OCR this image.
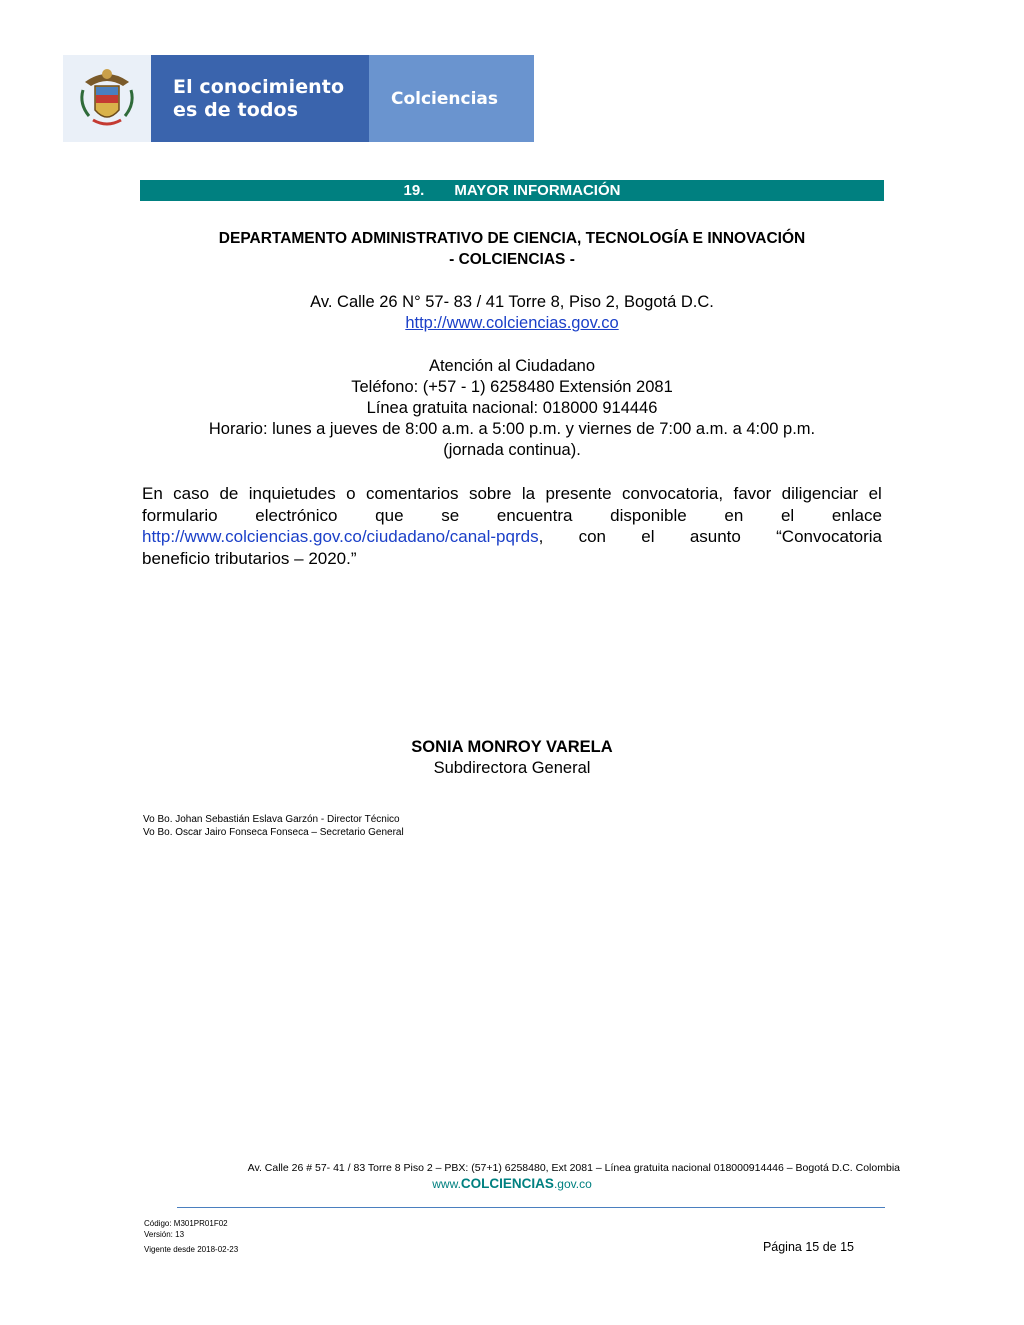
El conocimiento
es de todos	Colciencias
19. MAYOR INFORMACIÓN
DEPARTAMENTO ADMINISTRATIVO DE CIENCIA, TECNOLOGÍA E INNOVACIÓN
- COLCIENCIAS -
Av. Calle 26 N° 57- 83 / 41 Torre 8, Piso 2, Bogotá D.C.
http://www.colciencias.gov.co
Atención al Ciudadano
Teléfono: (+57 - 1) 6258480 Extensión 2081
Línea gratuita nacional: 018000 914446
Horario: lunes a jueves de 8:00 a.m. a 5:00 p.m. y viernes de 7:00 a.m. a 4:00 p.m.
(jornada continua).
En caso de inquietudes o comentarios sobre la presente convocatoria, favor diligenciar el
formulario electrónico que se encuentra disponible en el enlace
http://www.colciencias.gov.co/ciudadano/canal-pqrds, con el asunto “Convocatoria
beneficio tributarios – 2020.”
SONIA MONROY VARELA
Subdirectora General
Vo Bo. Johan Sebastián Eslava Garzón - Director Técnico
Vo Bo. Oscar Jairo Fonseca Fonseca – Secretario General
Av. Calle 26 # 57- 41 / 83 Torre 8 Piso 2 – PBX: (57+1) 6258480, Ext 2081 – Línea gratuita nacional 018000914446 – Bogotá D.C. Colombia
www.COLCIENCIAS.gov.co
Código: M301PR01F02
Versión: 13
Vigente desde 2018-02-23	Página 15 de 15
